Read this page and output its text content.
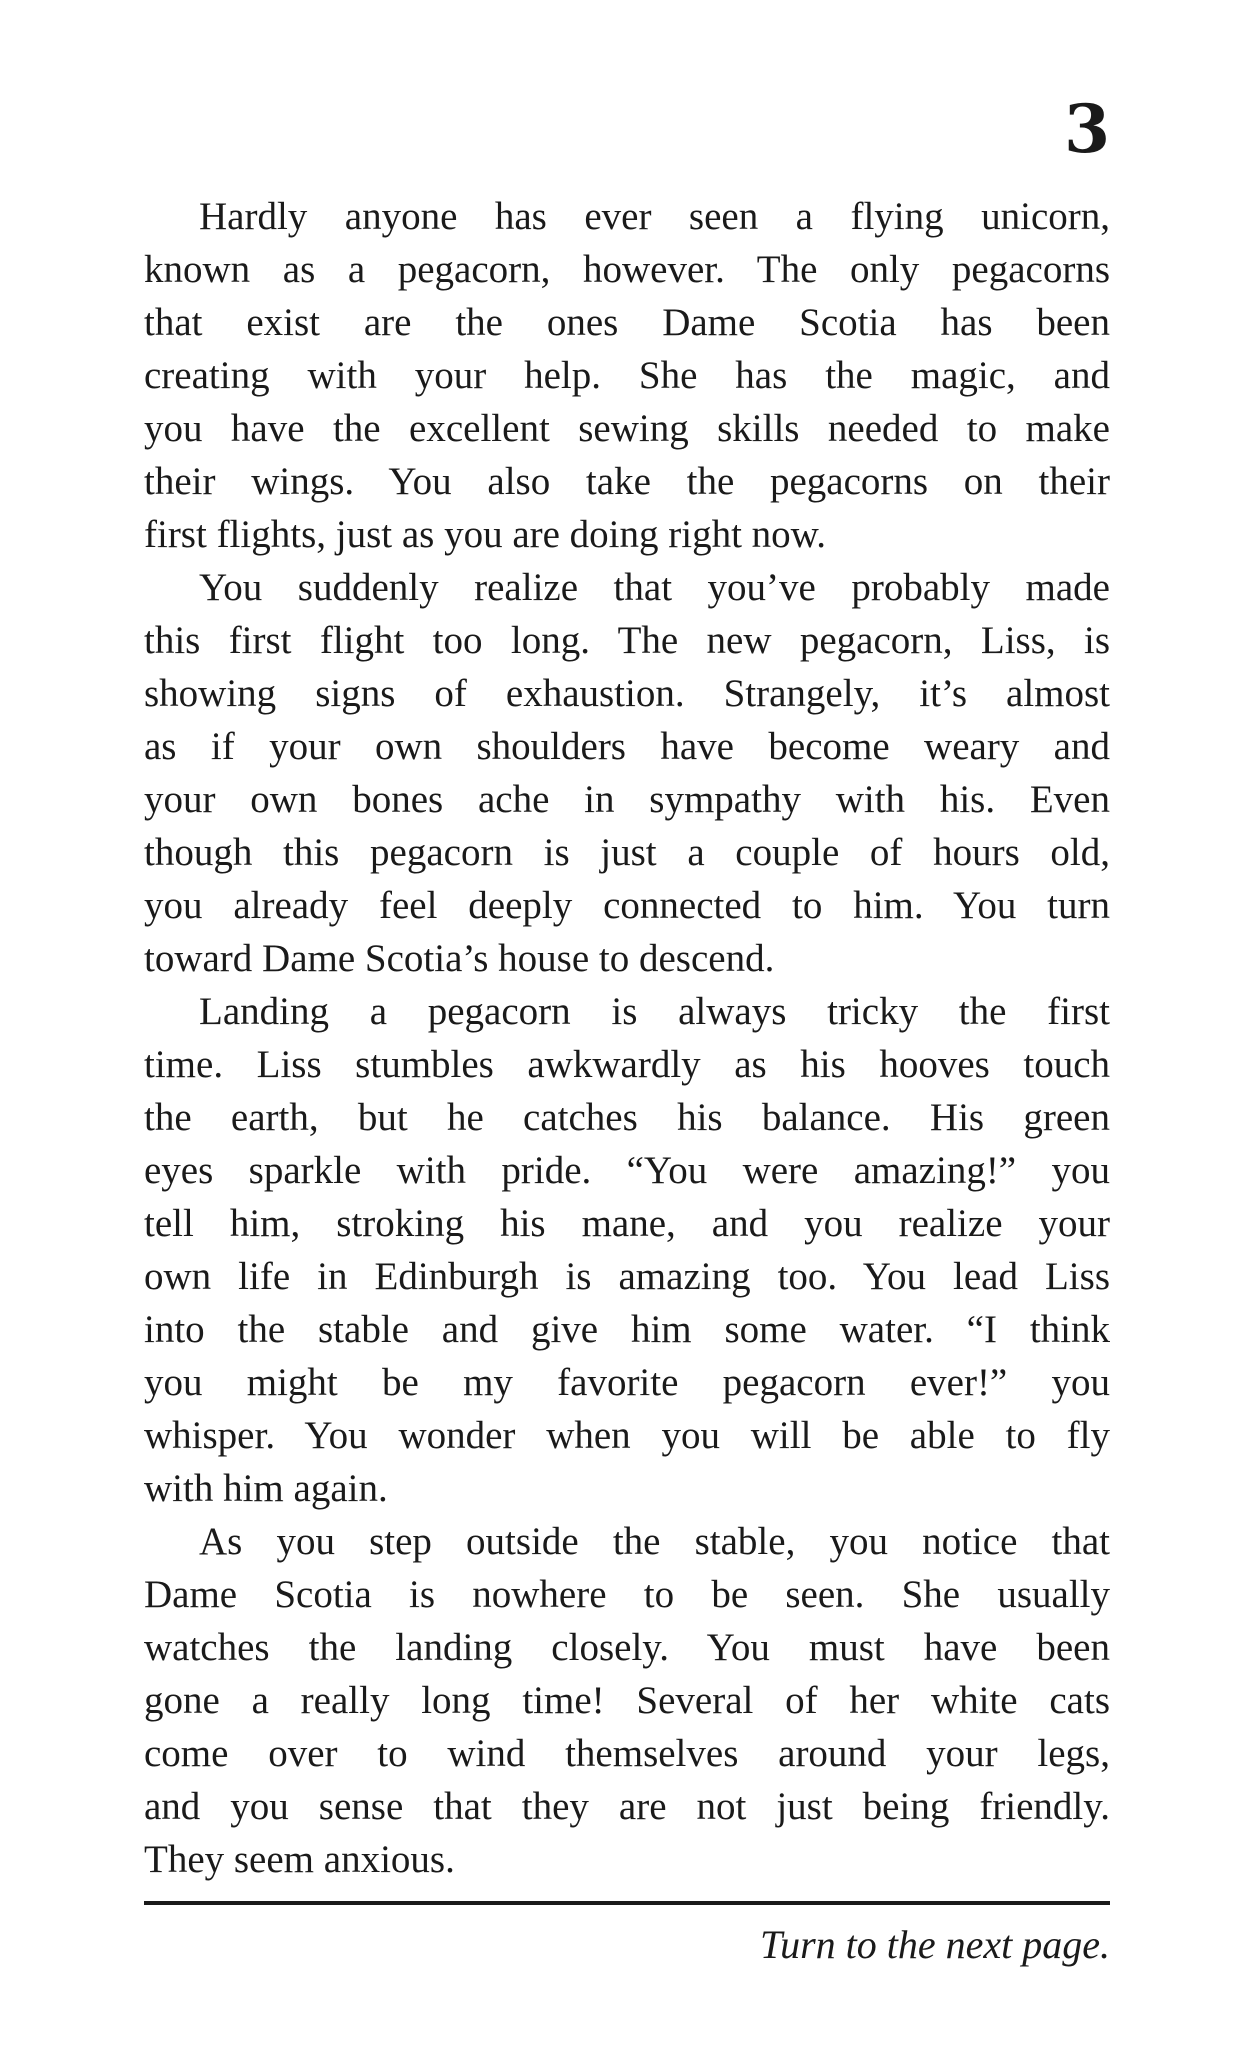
3
Hardly anyone has ever seen a flying unicorn,
known as a pegacorn, however. The only pegacorns
that exist are the ones Dame Scotia has been
creating with your help. She has the magic, and
you have the excellent sewing skills needed to make
their wings. You also take the pegacorns on their
first flights, just as you are doing right now.
You suddenly realize that you’ve probably made
this first flight too long. The new pegacorn, Liss, is
showing signs of exhaustion. Strangely, it’s almost
as if your own shoulders have become weary and
your own bones ache in sympathy with his. Even
though this pegacorn is just a couple of hours old,
you already feel deeply connected to him. You turn
toward Dame Scotia’s house to descend.
Landing a pegacorn is always tricky the first
time. Liss stumbles awkwardly as his hooves touch
the earth, but he catches his balance. His green
eyes sparkle with pride. “You were amazing!” you
tell him, stroking his mane, and you realize your
own life in Edinburgh is amazing too. You lead Liss
into the stable and give him some water. “I think
you might be my favorite pegacorn ever!” you
whisper. You wonder when you will be able to fly
with him again.
As you step outside the stable, you notice that
Dame Scotia is nowhere to be seen. She usually
watches the landing closely. You must have been
gone a really long time! Several of her white cats
come over to wind themselves around your legs,
and you sense that they are not just being friendly.
They seem anxious.
Turn to the next page.
